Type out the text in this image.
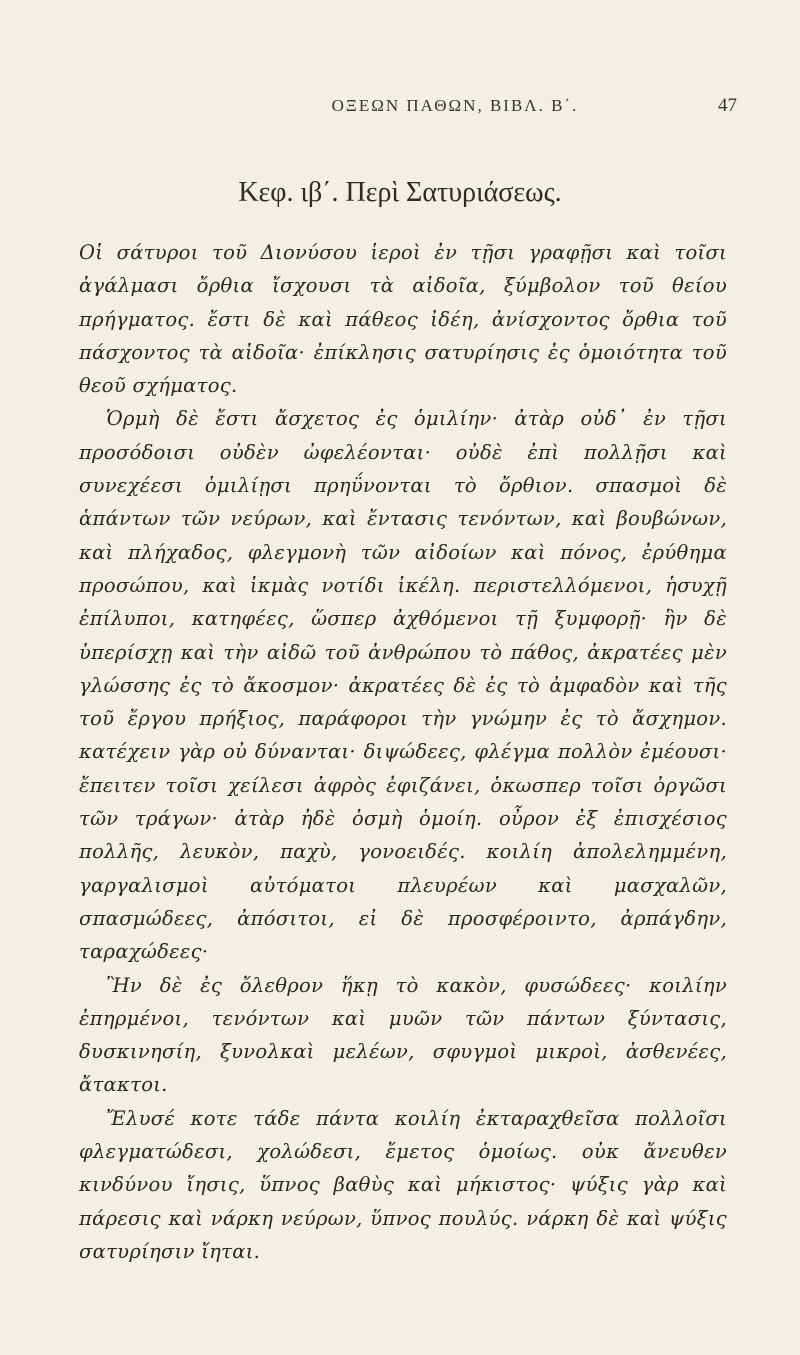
ΟΞΕΩΝ ΠΑΘΩΝ, ΒΙΒΛ. Β΄.	47
Κεφ. ιβ΄. Περὶ Σατυριάσεως.

Οἱ σάτυροι τοῦ Διονύσου ἱεροὶ ἐν τῇσι γραφῇσι καὶ τοῖσι ἀγάλμασι ὄρθια ἴσχουσι τὰ αἰδοῖα, ξύμβολον τοῦ θείου πρήγματος. ἔστι δὲ καὶ πάθεος ἰδέη, ἀνίσχοντος ὄρθια τοῦ πάσχοντος τὰ αἰδοῖα· ἐπίκλησις σατυρίησις ἐς ὁμοιότητα τοῦ θεοῦ σχήματος.

Ὁρμὴ δὲ ἔστι ἄσχετος ἐς ὁμιλίην· ἀτὰρ οὐδ᾽ ἐν τῇσι προσόδοισι οὐδὲν ὠφελέονται· οὐδὲ ἐπὶ πολλῇσι καὶ συνεχέεσι ὁμιλίῃσι πρηΰνονται τὸ ὄρθιον. σπασμοὶ δὲ ἁπάντων τῶν νεύρων, καὶ ἔντασις τενόντων, καὶ βουβώνων, καὶ πλήχαδος, φλεγμονὴ τῶν αἰδοίων καὶ πόνος, ἐρύθημα προσώπου, καὶ ἰκμὰς νοτίδι ἰκέλη. περιστελλόμενοι, ἡσυχῇ ἐπίλυποι, κατηφέες, ὥσπερ ἀχθόμενοι τῇ ξυμφορῇ· ἣν δὲ ὑπερίσχῃ καὶ τὴν αἰδῶ τοῦ ἀνθρώπου τὸ πάθος, ἀκρατέες μὲν γλώσσης ἐς τὸ ἄκοσμον· ἀκρατέες δὲ ἐς τὸ ἀμφαδὸν καὶ τῆς τοῦ ἔργου πρήξιος, παράφοροι τὴν γνώμην ἐς τὸ ἄσχημον. κατέχειν γὰρ οὐ δύνανται· διψώδεες, φλέγμα πολλὸν ἐμέουσι· ἔπειτεν τοῖσι χείλεσι ἀφρὸς ἐφιζάνει, ὁκωσπερ τοῖσι ὀργῶσι τῶν τράγων· ἀτὰρ ἠδὲ ὀσμὴ ὁμοίη. οὖρον ἐξ ἐπισχέσιος πολλῆς, λευκὸν, παχὺ, γονοειδές. κοιλίη ἀπολελημμένη, γαργαλισμοὶ αὐτόματοι πλευρέων καὶ μασχαλῶν, σπασμώδεες, ἀπόσιτοι, εἰ δὲ προσφέροιντο, ἀρπάγδην, ταραχώδεες·

Ἢν δὲ ἐς ὄλεθρον ἥκῃ τὸ κακὸν, φυσώδεες· κοιλίην ἐπηρμένοι, τενόντων καὶ μυῶν τῶν πάντων ξύντασις, δυσκινησίη, ξυνολκαὶ μελέων, σφυγμοὶ μικροὶ, ἀσθενέες, ἄτακτοι.

Ἔλυσέ κοτε τάδε πάντα κοιλίη ἐκταραχθεῖσα πολλοῖσι φλεγματώδεσι, χολώδεσι, ἔμετος ὁμοίως. οὐκ ἄνευθεν κινδύνου ἴησις, ὕπνος βαθὺς καὶ μήκιστος· ψύξις γὰρ καὶ πάρεσις καὶ νάρκη νεύρων, ὕπνος πουλύς. νάρκη δὲ καὶ ψύξις σατυρίησιν ἴηται.
